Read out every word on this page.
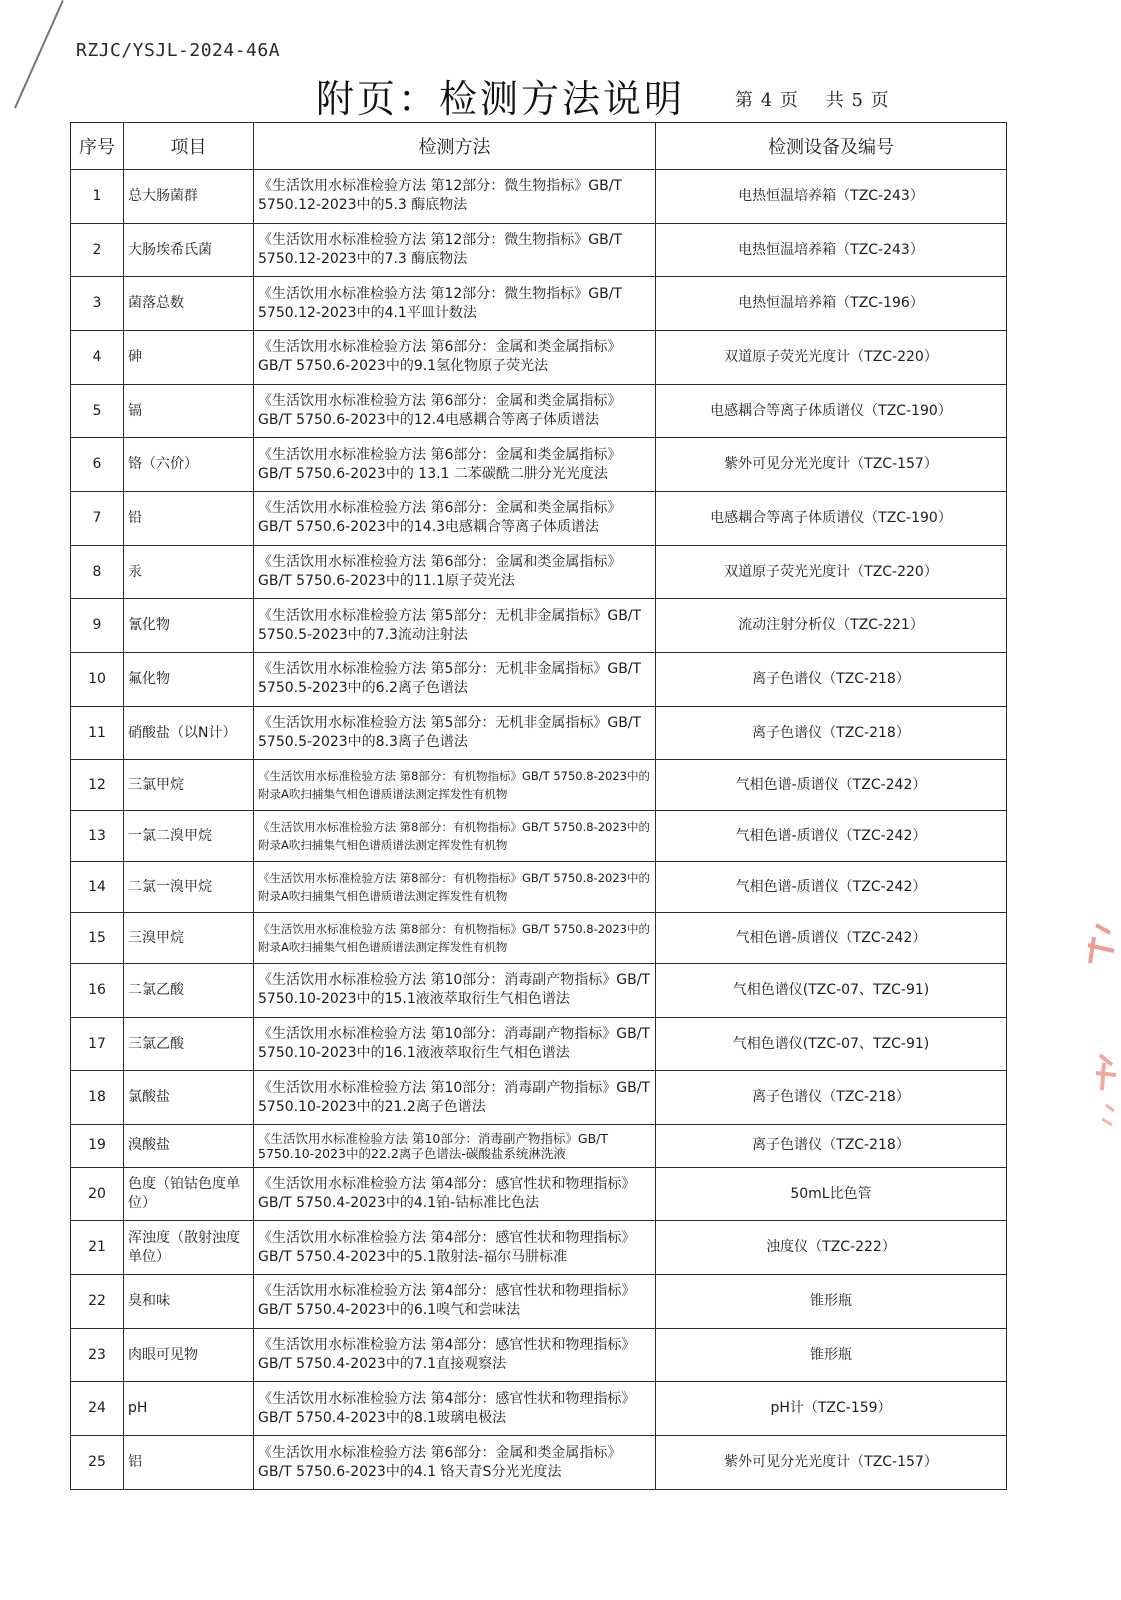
RZJC/YSJL-2024-46A
附页：检测方法说明	第 4 页    共 5 页
序号	项目	检测方法	检测设备及编号
1	总大肠菌群	《生活饮用水标准检验方法 第12部分：微生物指标》GB/T 5750.12-2023中的5.3 酶底物法	电热恒温培养箱（TZC-243）
2	大肠埃希氏菌	《生活饮用水标准检验方法 第12部分：微生物指标》GB/T 5750.12-2023中的7.3 酶底物法	电热恒温培养箱（TZC-243）
3	菌落总数	《生活饮用水标准检验方法 第12部分：微生物指标》GB/T 5750.12-2023中的4.1平皿计数法	电热恒温培养箱（TZC-196）
4	砷	《生活饮用水标准检验方法 第6部分：金属和类金属指标》GB/T 5750.6-2023中的9.1氢化物原子荧光法	双道原子荧光光度计（TZC-220）
5	镉	《生活饮用水标准检验方法 第6部分：金属和类金属指标》GB/T 5750.6-2023中的12.4电感耦合等离子体质谱法	电感耦合等离子体质谱仪（TZC-190）
6	铬（六价）	《生活饮用水标准检验方法 第6部分：金属和类金属指标》GB/T 5750.6-2023中的 13.1 二苯碳酰二肼分光光度法	紫外可见分光光度计（TZC-157）
7	铅	《生活饮用水标准检验方法 第6部分：金属和类金属指标》GB/T 5750.6-2023中的14.3电感耦合等离子体质谱法	电感耦合等离子体质谱仪（TZC-190）
8	汞	《生活饮用水标准检验方法 第6部分：金属和类金属指标》GB/T 5750.6-2023中的11.1原子荧光法	双道原子荧光光度计（TZC-220）
9	氰化物	《生活饮用水标准检验方法 第5部分：无机非金属指标》GB/T 5750.5-2023中的7.3流动注射法	流动注射分析仪（TZC-221）
10	氟化物	《生活饮用水标准检验方法 第5部分：无机非金属指标》GB/T 5750.5-2023中的6.2离子色谱法	离子色谱仪（TZC-218）
11	硝酸盐（以N计）	《生活饮用水标准检验方法 第5部分：无机非金属指标》GB/T 5750.5-2023中的8.3离子色谱法	离子色谱仪（TZC-218）
12	三氯甲烷	《生活饮用水标准检验方法 第8部分：有机物指标》GB/T 5750.8-2023中的附录A吹扫捕集气相色谱质谱法测定挥发性有机物	气相色谱-质谱仪（TZC-242）
13	一氯二溴甲烷	《生活饮用水标准检验方法 第8部分：有机物指标》GB/T 5750.8-2023中的附录A吹扫捕集气相色谱质谱法测定挥发性有机物	气相色谱-质谱仪（TZC-242）
14	二氯一溴甲烷	《生活饮用水标准检验方法 第8部分：有机物指标》GB/T 5750.8-2023中的附录A吹扫捕集气相色谱质谱法测定挥发性有机物	气相色谱-质谱仪（TZC-242）
15	三溴甲烷	《生活饮用水标准检验方法 第8部分：有机物指标》GB/T 5750.8-2023中的附录A吹扫捕集气相色谱质谱法测定挥发性有机物	气相色谱-质谱仪（TZC-242）
16	二氯乙酸	《生活饮用水标准检验方法 第10部分：消毒副产物指标》GB/T 5750.10-2023中的15.1液液萃取衍生气相色谱法	气相色谱仪(TZC-07、TZC-91)
17	三氯乙酸	《生活饮用水标准检验方法 第10部分：消毒副产物指标》GB/T 5750.10-2023中的16.1液液萃取衍生气相色谱法	气相色谱仪(TZC-07、TZC-91)
18	氯酸盐	《生活饮用水标准检验方法 第10部分：消毒副产物指标》GB/T 5750.10-2023中的21.2离子色谱法	离子色谱仪（TZC-218）
19	溴酸盐	《生活饮用水标准检验方法 第10部分：消毒副产物指标》GB/T 5750.10-2023中的22.2离子色谱法-碳酸盐系统淋洗液	离子色谱仪（TZC-218）
20	色度（铂钴色度单位）	《生活饮用水标准检验方法 第4部分：感官性状和物理指标》GB/T 5750.4-2023中的4.1铂-钴标准比色法	50mL比色管
21	浑浊度（散射浊度单位）	《生活饮用水标准检验方法 第4部分：感官性状和物理指标》GB/T 5750.4-2023中的5.1散射法-福尔马肼标准	浊度仪（TZC-222）
22	臭和味	《生活饮用水标准检验方法 第4部分：感官性状和物理指标》GB/T 5750.4-2023中的6.1嗅气和尝味法	锥形瓶
23	肉眼可见物	《生活饮用水标准检验方法 第4部分：感官性状和物理指标》GB/T 5750.4-2023中的7.1直接观察法	锥形瓶
24	pH	《生活饮用水标准检验方法 第4部分：感官性状和物理指标》GB/T 5750.4-2023中的8.1玻璃电极法	pH计（TZC-159）
25	铝	《生活饮用水标准检验方法 第6部分：金属和类金属指标》GB/T 5750.6-2023中的4.1 铬天青S分光光度法	紫外可见分光光度计（TZC-157）
